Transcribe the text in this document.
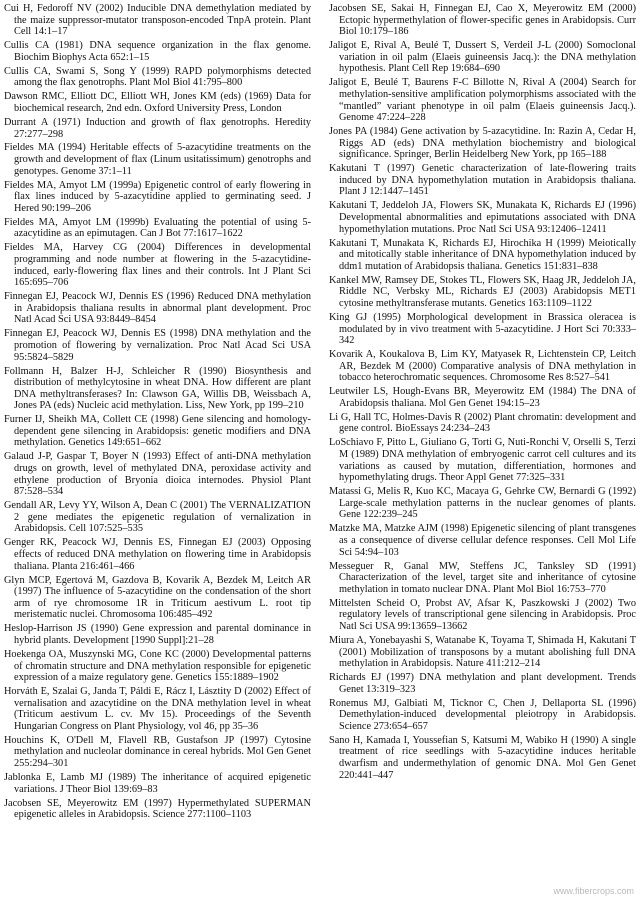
Cui H, Fedoroff NV (2002) Inducible DNA demethylation mediated by the maize suppressor-mutator transposon-encoded TnpA protein. Plant Cell 14:1–17

Cullis CA (1981) DNA sequence organization in the flax genome. Biochim Biophys Acta 652:1–15

Cullis CA, Swami S, Song Y (1999) RAPD polymorphisms detected among the flax genotrophs. Plant Mol Biol 41:795–800

Dawson RMC, Elliott DC, Elliott WH, Jones KM (eds) (1969) Data for biochemical research, 2nd edn. Oxford University Press, London

Durrant A (1971) Induction and growth of flax genotrophs. Heredity 27:277–298

Fieldes MA (1994) Heritable effects of 5-azacytidine treatments on the growth and development of flax (Linum usitatissimum) genotrophs and genotypes. Genome 37:1–11

Fieldes MA, Amyot LM (1999a) Epigenetic control of early flowering in flax lines induced by 5-azacytidine applied to germinating seed. J Hered 90:199–206

Fieldes MA, Amyot LM (1999b) Evaluating the potential of using 5-azacytidine as an epimutagen. Can J Bot 77:1617–1622

Fieldes MA, Harvey CG (2004) Differences in developmental programming and node number at flowering in the 5-azacytidine-induced, early-flowering flax lines and their controls. Int J Plant Sci 165:695–706

Finnegan EJ, Peacock WJ, Dennis ES (1996) Reduced DNA methylation in Arabidopsis thaliana results in abnormal plant development. Proc Natl Acad Sci USA 93:8449–8454

Finnegan EJ, Peacock WJ, Dennis ES (1998) DNA methylation and the promotion of flowering by vernalization. Proc Natl Acad Sci USA 95:5824–5829

Follmann H, Balzer H-J, Schleicher R (1990) Biosynthesis and distribution of methylcytosine in wheat DNA. How different are plant DNA methyltransferases? In: Clawson GA, Willis DB, Weissbach A, Jones PA (eds) Nucleic acid methylation. Liss, New York, pp 199–210

Furner IJ, Sheikh MA, Collett CE (1998) Gene silencing and homology-dependent gene silencing in Arabidopsis: genetic modifiers and DNA methylation. Genetics 149:651–662

Galaud J-P, Gaspar T, Boyer N (1993) Effect of anti-DNA methylation drugs on growth, level of methylated DNA, peroxidase activity and ethylene production of Bryonia dioica internodes. Physiol Plant 87:528–534

Gendall AR, Levy YY, Wilson A, Dean C (2001) The VERNALIZATION 2 gene mediates the epigenetic regulation of vernalization in Arabidopsis. Cell 107:525–535

Genger RK, Peacock WJ, Dennis ES, Finnegan EJ (2003) Opposing effects of reduced DNA methylation on flowering time in Arabidopsis thaliana. Planta 216:461–466

Glyn MCP, Egertová M, Gazdova B, Kovarik A, Bezdek M, Leitch AR (1997) The influence of 5-azacytidine on the condensation of the short arm of rye chromosome 1R in Triticum aestivum L. root tip meristematic nuclei. Chromosoma 106:485–492

Heslop-Harrison JS (1990) Gene expression and parental dominance in hybrid plants. Development [1990 Suppl]:21–28

Hoekenga OA, Muszynski MG, Cone KC (2000) Developmental patterns of chromatin structure and DNA methylation responsible for epigenetic expression of a maize regulatory gene. Genetics 155:1889–1902

Horváth E, Szalai G, Janda T, Páldi E, Rácz I, Lásztity D (2002) Effect of vernalisation and azacytidine on the DNA methylation level in wheat (Triticum aestivum L. cv. Mv 15). Proceedings of the Seventh Hungarian Congress on Plant Physiology, vol 46, pp 35–36

Houchins K, O'Dell M, Flavell RB, Gustafson JP (1997) Cytosine methylation and nucleolar dominance in cereal hybrids. Mol Gen Genet 255:294–301

Jablonka E, Lamb MJ (1989) The inheritance of acquired epigenetic variations. J Theor Biol 139:69–83

Jacobsen SE, Meyerowitz EM (1997) Hypermethylated SUPERMAN epigenetic alleles in Arabidopsis. Science 277:1100–1103

Jacobsen SE, Sakai H, Finnegan EJ, Cao X, Meyerowitz EM (2000) Ectopic hypermethylation of flower-specific genes in Arabidopsis. Curr Biol 10:179–186

Jaligot E, Rival A, Beulé T, Dussert S, Verdeil J-L (2000) Somoclonal variation in oil palm (Elaeis guineensis Jacq.): the DNA methylation hypothesis. Plant Cell Rep 19:684–690

Jaligot E, Beulé T, Baurens F-C Billotte N, Rival A (2004) Search for methylation-sensitive amplification polymorphisms associated with the “mantled” variant phenotype in oil palm (Elaeis guineensis Jacq.). Genome 47:224–228

Jones PA (1984) Gene activation by 5-azacytidine. In: Razin A, Cedar H, Riggs AD (eds) DNA methylation biochemistry and biological significance. Springer, Berlin Heidelberg New York, pp 165–188

Kakutani T (1997) Genetic characterization of late-flowering traits induced by DNA hypomethylation mutation in Arabidopsis thaliana. Plant J 12:1447–1451

Kakutani T, Jeddeloh JA, Flowers SK, Munakata K, Richards EJ (1996) Developmental abnormalities and epimutations associated with DNA hypomethylation mutations. Proc Natl Sci USA 93:12406–12411

Kakutani T, Munakata K, Richards EJ, Hirochika H (1999) Meiotically and mitotically stable inheritance of DNA hypomethylation induced by ddm1 mutation of Arabidopsis thaliana. Genetics 151:831–838

Kankel MW, Ramsey DE, Stokes TL, Flowers SK, Haag JR, Jeddeloh JA, Riddle NC, Verbsky ML, Richards EJ (2003) Arabidopsis MET1 cytosine methyltransferase mutants. Genetics 163:1109–1122

King GJ (1995) Morphological development in Brassica oleracea is modulated by in vivo treatment with 5-azacytidine. J Hort Sci 70:333–342

Kovarik A, Koukalova B, Lim KY, Matyasek R, Lichtenstein CP, Leitch AR, Bezdek M (2000) Comparative analysis of DNA methylation in tobacco heterochromatic sequences. Chromosome Res 8:527–541

Leutwiler LS, Hough-Evans BR, Meyerowitz EM (1984) The DNA of Arabidopsis thaliana. Mol Gen Genet 194:15–23

Li G, Hall TC, Holmes-Davis R (2002) Plant chromatin: development and gene control. BioEssays 24:234–243

LoSchiavo F, Pitto L, Giuliano G, Torti G, Nuti-Ronchi V, Orselli S, Terzi M (1989) DNA methylation of embryogenic carrot cell cultures and its variations as caused by mutation, differentiation, hormones and hypomethylating drugs. Theor Appl Genet 77:325–331

Matassi G, Melis R, Kuo KC, Macaya G, Gehrke CW, Bernardi G (1992) Large-scale methylation patterns in the nuclear genomes of plants. Gene 122:239–245

Matzke MA, Matzke AJM (1998) Epigenetic silencing of plant transgenes as a consequence of diverse cellular defence responses. Cell Mol Life Sci 54:94–103

Messeguer R, Ganal MW, Steffens JC, Tanksley SD (1991) Characterization of the level, target site and inheritance of cytosine methylation in tomato nuclear DNA. Plant Mol Biol 16:753–770

Mittelsten Scheid O, Probst AV, Afsar K, Paszkowski J (2002) Two regulatory levels of transcriptional gene silencing in Arabidopsis. Proc Natl Sci USA 99:13659–13662

Miura A, Yonebayashi S, Watanabe K, Toyama T, Shimada H, Kakutani T (2001) Mobilization of transposons by a mutant abolishing full DNA methylation in Arabidopsis. Nature 411:212–214

Richards EJ (1997) DNA methylation and plant development. Trends Genet 13:319–323

Ronemus MJ, Galbiati M, Ticknor C, Chen J, Dellaporta SL (1996) Demethylation-induced developmental pleiotropy in Arabidopsis. Science 273:654–657

Sano H, Kamada I, Youssefian S, Katsumi M, Wabiko H (1990) A single treatment of rice seedlings with 5-azacytidine induces heritable dwarfism and undermethylation of genomic DNA. Mol Gen Genet 220:441–447

www.fibercrops.com
